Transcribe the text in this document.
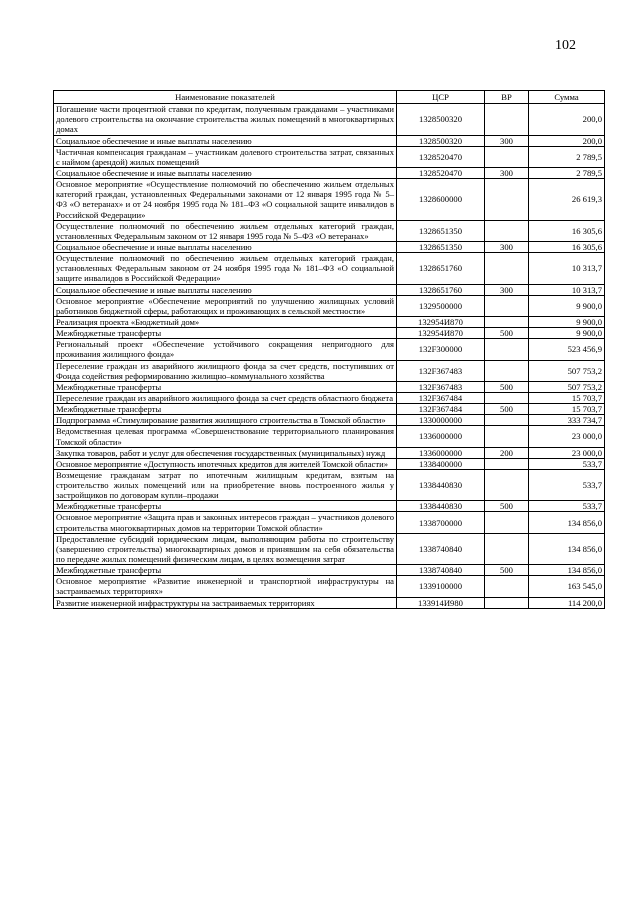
102
Наименование показателей	ЦСР	ВР	Сумма
Погашение части процентной ставки по кредитам, полученным гражданами – участниками долевого строительства на окончание строительства жилых помещений в многоквартирных домах	1328500320		200,0
Социальное обеспечение и иные выплаты населению	1328500320	300	200,0
Частичная компенсация гражданам – участникам долевого строительства затрат, связанных с наймом (арендой) жилых помещений	1328520470		2 789,5
Социальное обеспечение и иные выплаты населению	1328520470	300	2 789,5
Основное мероприятие «Осуществление полномочий по обеспечению жильем отдельных категорий граждан, установленных Федеральными законами от 12 января 1995 года № 5–ФЗ «О ветеранах» и от 24 ноября 1995 года № 181–ФЗ «О социальной защите инвалидов в Российской Федерации»	1328600000		26 619,3
Осуществление полномочий по обеспечению жильем отдельных категорий граждан, установленных Федеральным законом от 12 января 1995 года № 5–ФЗ «О ветеранах»	1328651350		16 305,6
Социальное обеспечение и иные выплаты населению	1328651350	300	16 305,6
Осуществление полномочий по обеспечению жильем отдельных категорий граждан, установленных Федеральным законом от 24 ноября 1995 года № 181–ФЗ «О социальной защите инвалидов в Российской Федерации»	1328651760		10 313,7
Социальное обеспечение и иные выплаты населению	1328651760	300	10 313,7
Основное мероприятие «Обеспечение мероприятий по улучшению жилищных условий работников бюджетной сферы, работающих и проживающих в сельской местности»	1329500000		9 900,0
Реализация проекта «Бюджетный дом»	132954И870		9 900,0
Межбюджетные трансферты	132954И870	500	9 900,0
Региональный проект «Обеспечение устойчивого сокращения непригодного для проживания жилищного фонда»	132F300000		523 456,9
Переселение граждан из аварийного жилищного фонда за счет средств, поступивших от Фонда содействия реформированию жилищно–коммунального хозяйства	132F367483		507 753,2
Межбюджетные трансферты	132F367483	500	507 753,2
Переселение граждан из аварийного жилищного фонда за счет средств областного бюджета	132F367484		15 703,7
Межбюджетные трансферты	132F367484	500	15 703,7
Подпрограмма «Стимулирование развития жилищного строительства в Томской области»	1330000000		333 734,7
Ведомственная целевая программа «Совершенствование территориального планирования Томской области»	1336000000		23 000,0
Закупка товаров, работ и услуг для обеспечения государственных (муниципальных) нужд	1336000000	200	23 000,0
Основное мероприятие «Доступность ипотечных кредитов для жителей Томской области»	1338400000		533,7
Возмещение гражданам затрат по ипотечным жилищным кредитам, взятым на строительство жилых помещений или на приобретение вновь построенного жилья у застройщиков по договорам купли–продажи	1338440830		533,7
Межбюджетные трансферты	1338440830	500	533,7
Основное мероприятие «Защита прав и законных интересов граждан – участников долевого строительства многоквартирных домов на территории Томской области»	1338700000		134 856,0
Предоставление субсидий юридическим лицам, выполняющим работы по строительству (завершению строительства) многоквартирных домов и принявшим на себя обязательства по передаче жилых помещений физическим лицам, в целях возмещения затрат	1338740840		134 856,0
Межбюджетные трансферты	1338740840	500	134 856,0
Основное мероприятие «Развитие инженерной и транспортной инфраструктуры на застраиваемых территориях»	1339100000		163 545,0
Развитие инженерной инфраструктуры на застраиваемых территориях	133914И980		114 200,0
